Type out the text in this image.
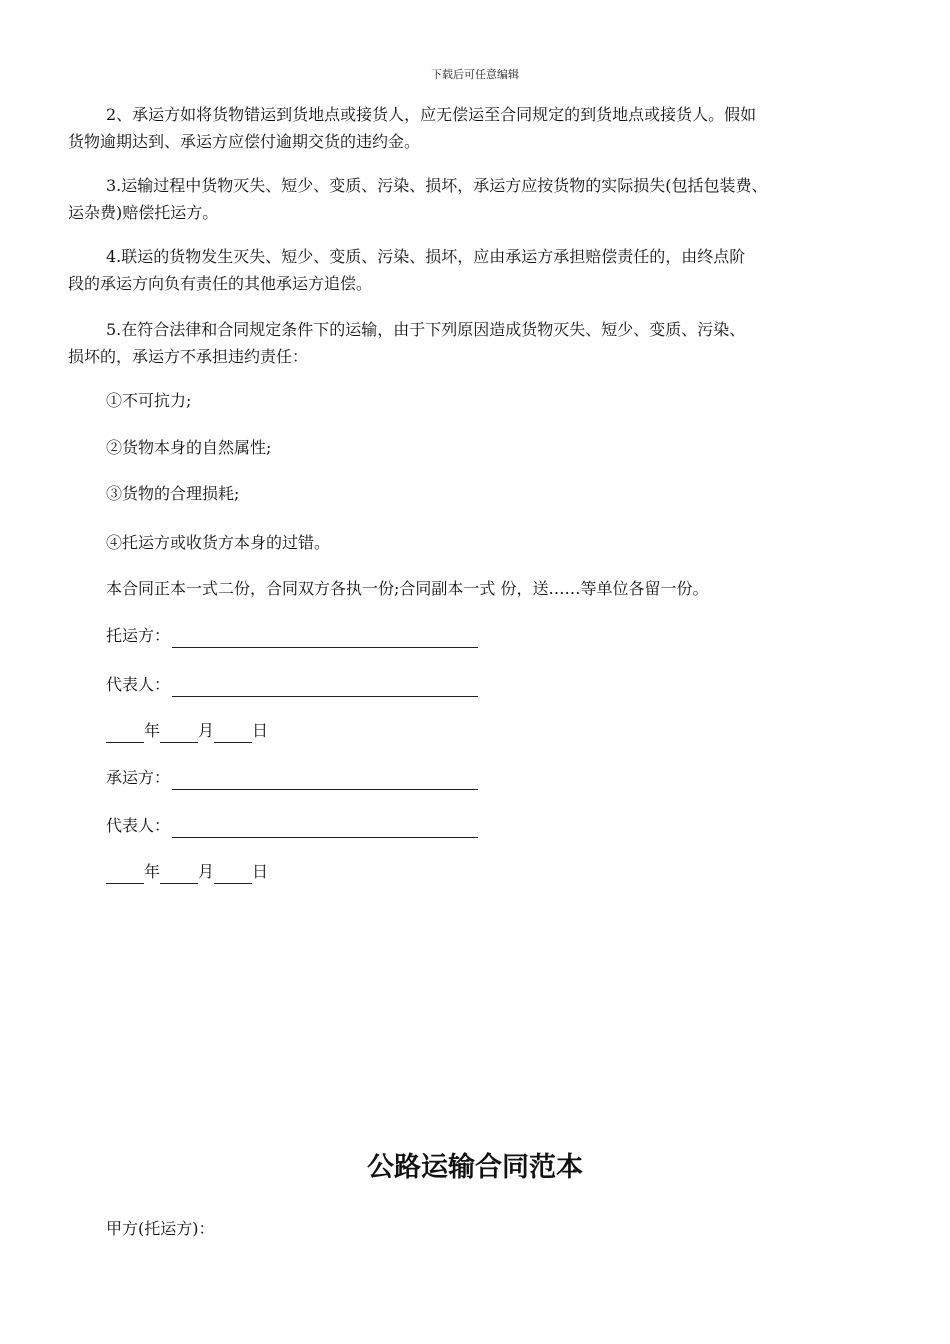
下载后可任意编辑

2、承运方如将货物错运到货地点或接货人，应无偿运至合同规定的到货地点或接货人。假如
货物逾期达到、承运方应偿付逾期交货的违约金。

3.运输过程中货物灭失、短少、变质、污染、损坏，承运方应按货物的实际损失(包括包装费、
运杂费)赔偿托运方。

4.联运的货物发生灭失、短少、变质、污染、损坏，应由承运方承担赔偿责任的，由终点阶
段的承运方向负有责任的其他承运方追偿。

5.在符合法律和合同规定条件下的运输，由于下列原因造成货物灭失、短少、变质、污染、
损坏的，承运方不承担违约责任：

①不可抗力;

②货物本身的自然属性;

③货物的合理损耗;

④托运方或收货方本身的过错。

本合同正本一式二份，合同双方各执一份;合同副本一式 份，送……等单位各留一份。

托运方：
代表人：
年 月 日
承运方：
代表人：
年 月 日
公路运输合同范本

甲方(托运方)：
